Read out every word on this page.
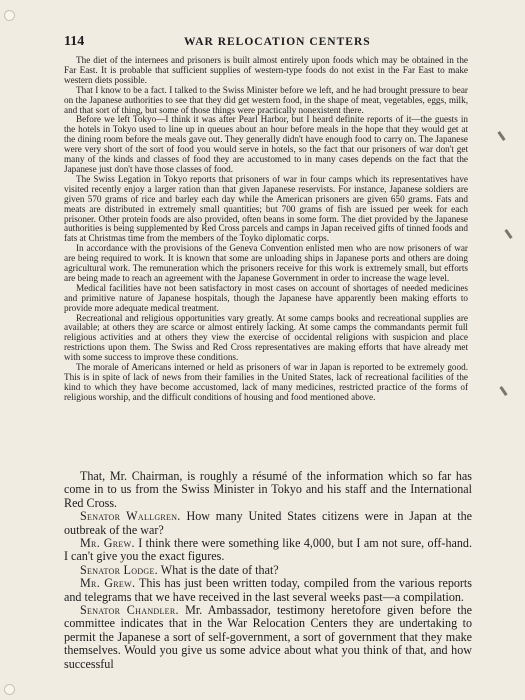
114	WAR RELOCATION CENTERS

The diet of the internees and prisoners is built almost entirely upon foods which may be obtained in the Far East. It is probable that sufficient supplies of western-type foods do not exist in the Far East to make western diets possible.

That I know to be a fact. I talked to the Swiss Minister before we left, and he had brought pressure to bear on the Japanese authorities to see that they did get western food, in the shape of meat, vegetables, eggs, milk, and that sort of thing, but some of those things were practically nonexistent there.

Before we left Tokyo—I think it was after Pearl Harbor, but I heard definite reports of it—the guests in the hotels in Tokyo used to line up in queues about an hour before meals in the hope that they would get at the dining room before the meals gave out. They generally didn't have enough food to carry on. The Japanese were very short of the sort of food you would serve in hotels, so the fact that our prisoners of war don't get many of the kinds and classes of food they are accustomed to in many cases depends on the fact that the Japanese just don't have those classes of food.

The Swiss Legation in Tokyo reports that prisoners of war in four camps which its representatives have visited recently enjoy a larger ration than that given Japanese reservists. For instance, Japanese soldiers are given 570 grams of rice and barley each day while the American prisoners are given 650 grams. Fats and meats are distributed in extremely small quantities; but 700 grams of fish are issued per week for each prisoner. Other protein foods are also provided, often beans in some form. The diet provided by the Japanese authorities is being supplemented by Red Cross parcels and camps in Japan received gifts of tinned foods and fats at Christmas time from the members of the Toyko diplomatic corps.

In accordance with the provisions of the Geneva Convention enlisted men who are now prisoners of war are being required to work. It is known that some are unloading ships in Japanese ports and others are doing agricultural work. The remuneration which the prisoners receive for this work is extremely small, but efforts are being made to reach an agreement with the Japanese Government in order to increase the wage level.

Medical facilities have not been satisfactory in most cases on account of shortages of needed medicines and primitive nature of Japanese hospitals, though the Japanese have apparently been making efforts to provide more adequate medical treatment.

Recreational and religious opportunities vary greatly. At some camps books and recreational supplies are available; at others they are scarce or almost entirely lacking. At some camps the commandants permit full religious activities and at others they view the exercise of occidental religions with suspicion and place restrictions upon them. The Swiss and Red Cross representatives are making efforts that have already met with some success to improve these conditions.

The morale of Americans interned or held as prisoners of war in Japan is reported to be extremely good. This is in spite of lack of news from their families in the United States, lack of recreational facilities of the kind to which they have become accustomed, lack of many medicines, restricted practice of the forms of religious worship, and the difficult conditions of housing and food mentioned above.

That, Mr. Chairman, is roughly a résumé of the information which so far has come in to us from the Swiss Minister in Tokyo and his staff and the International Red Cross.

Senator Wallgren. How many United States citizens were in Japan at the outbreak of the war?

Mr. Grew. I think there were something like 4,000, but I am not sure, off-hand. I can't give you the exact figures.

Senator Lodge. What is the date of that?

Mr. Grew. This has just been written today, compiled from the various reports and telegrams that we have received in the last several weeks past—a compilation.

Senator Chandler. Mr. Ambassador, testimony heretofore given before the committee indicates that in the War Relocation Centers they are undertaking to permit the Japanese a sort of self-government, a sort of government that they make themselves. Would you give us some advice about what you think of that, and how successful
